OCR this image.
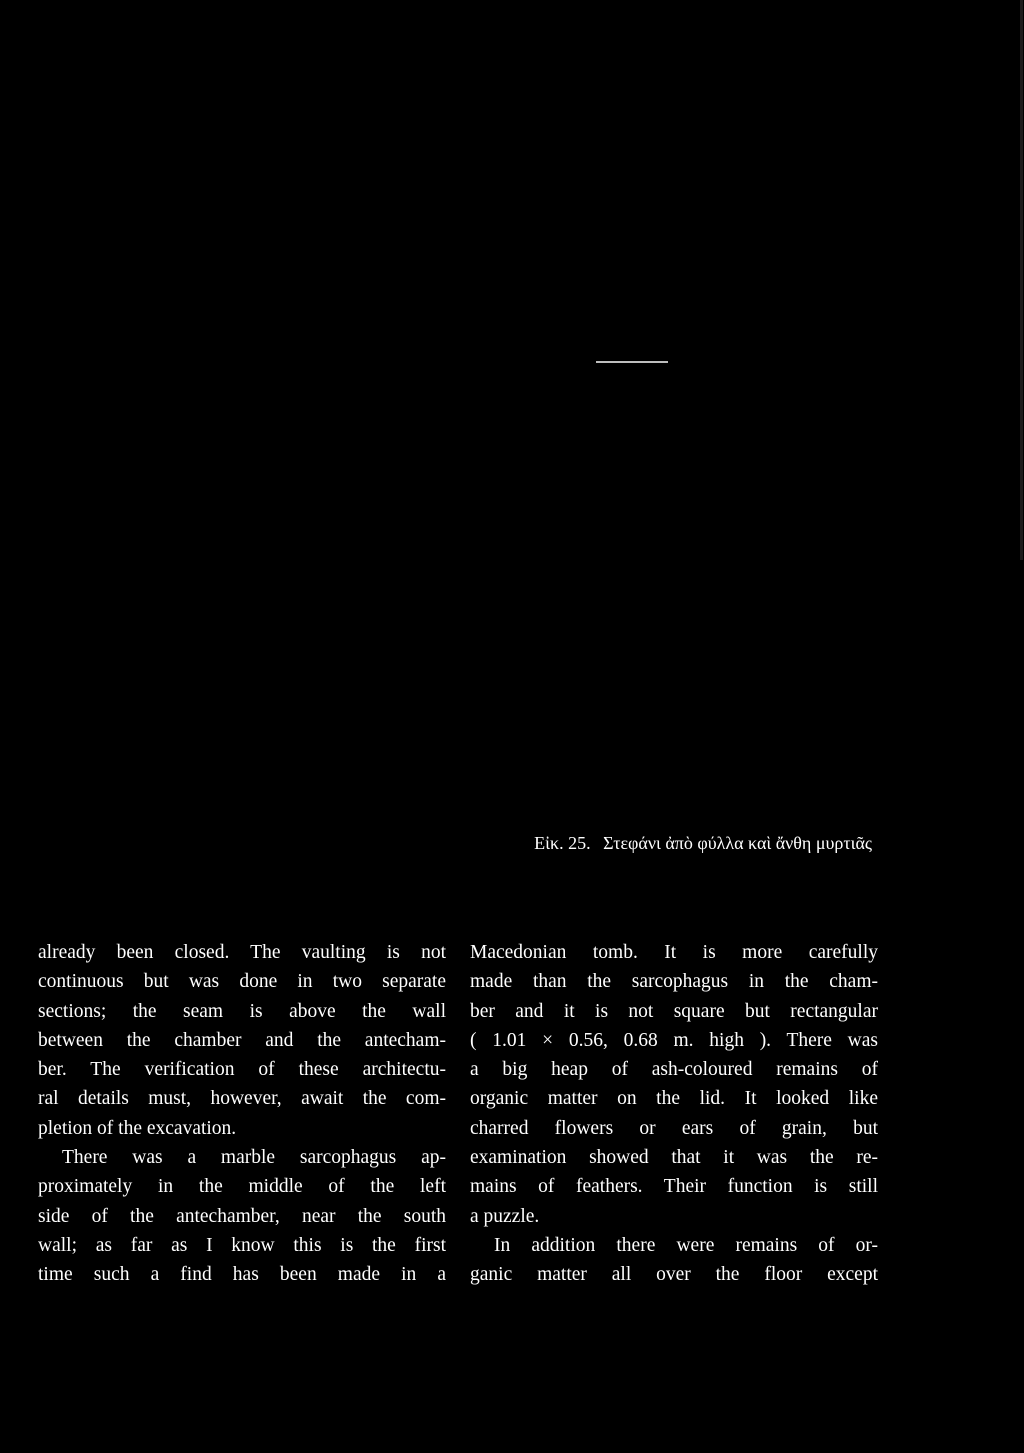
Εἰκ. 25. Στεφάνι ἀπὸ φύλλα καὶ ἄνθη μυρτιᾶς
already been closed. The vaulting is not
continuous but was done in two separate
sections; the seam is above the wall
between the chamber and the antecham-
ber. The verification of these architectu-
ral details must, however, await the com-
pletion of the excavation.
There was a marble sarcophagus ap-
proximately in the middle of the left
side of the antechamber, near the south
wall; as far as I know this is the first
time such a find has been made in a
Macedonian tomb. It is more carefully
made than the sarcophagus in the cham-
ber and it is not square but rectangular
( 1.01 × 0.56, 0.68 m. high ). There was
a big heap of ash-coloured remains of
organic matter on the lid. It looked like
charred flowers or ears of grain, but
examination showed that it was the re-
mains of feathers. Their function is still
a puzzle.
In addition there were remains of or-
ganic matter all over the floor except
